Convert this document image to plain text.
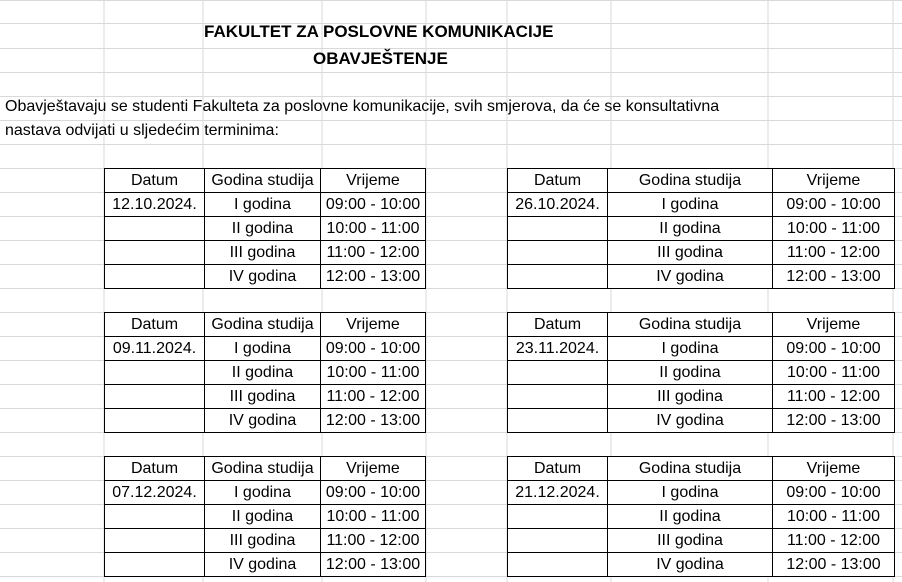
FAKULTET ZA POSLOVNE KOMUNIKACIJE
OBAVJEŠTENJE
Obavještavaju se studenti Fakulteta za poslovne komunikacije, svih smjerova, da će se konsultativna
nastava odvijati u sljedećim terminima:
Datum	Godina studija	Vrijeme
12.10.2024.	I godina	09:00 - 10:00
	II godina	10:00 - 11:00
	III godina	11:00 - 12:00
	IV godina	12:00 - 13:00
Datum	Godina studija	Vrijeme
26.10.2024.	I godina	09:00 - 10:00
	II godina	10:00 - 11:00
	III godina	11:00 - 12:00
	IV godina	12:00 - 13:00
Datum	Godina studija	Vrijeme
09.11.2024.	I godina	09:00 - 10:00
	II godina	10:00 - 11:00
	III godina	11:00 - 12:00
	IV godina	12:00 - 13:00
Datum	Godina studija	Vrijeme
23.11.2024.	I godina	09:00 - 10:00
	II godina	10:00 - 11:00
	III godina	11:00 - 12:00
	IV godina	12:00 - 13:00
Datum	Godina studija	Vrijeme
07.12.2024.	I godina	09:00 - 10:00
	II godina	10:00 - 11:00
	III godina	11:00 - 12:00
	IV godina	12:00 - 13:00
Datum	Godina studija	Vrijeme
21.12.2024.	I godina	09:00 - 10:00
	II godina	10:00 - 11:00
	III godina	11:00 - 12:00
	IV godina	12:00 - 13:00
